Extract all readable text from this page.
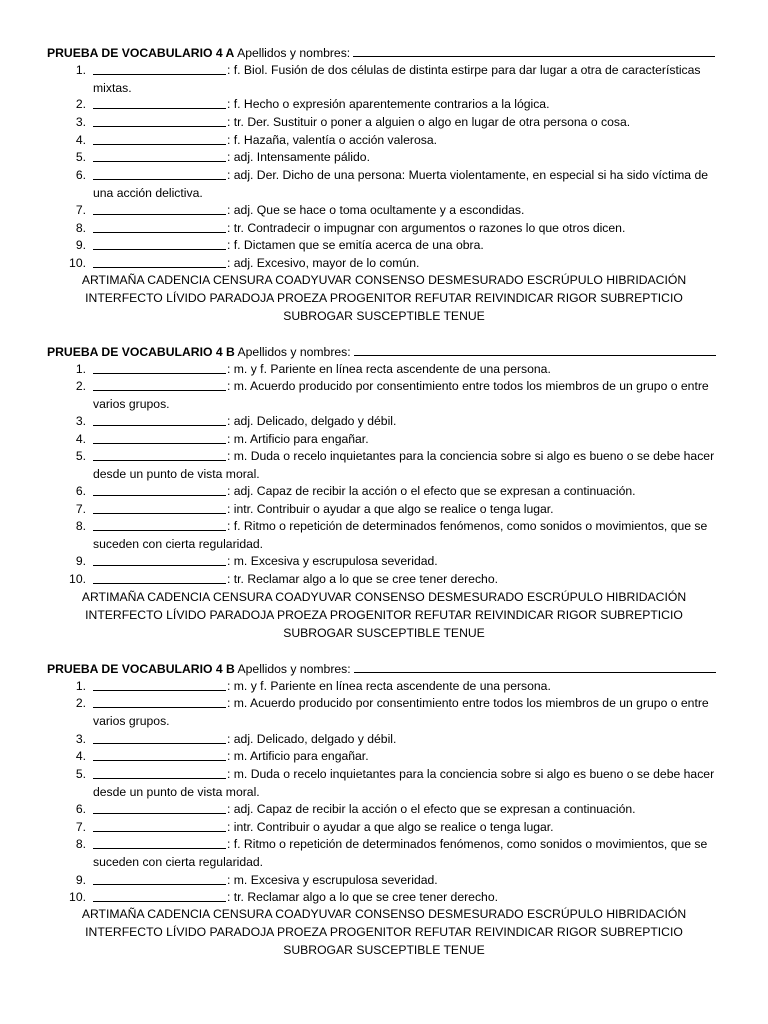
PRUEBA DE VOCABULARIO 4 A Apellidos y nombres:
1.	: f. Biol. Fusión de dos células de distinta estirpe para dar lugar a otra de características mixtas.
2.	: f. Hecho o expresión aparentemente contrarios a la lógica.
3.	: tr. Der. Sustituir o poner a alguien o algo en lugar de otra persona o cosa.
4.	: f. Hazaña, valentía o acción valerosa.
5.	: adj. Intensamente pálido.
6.	: adj. Der. Dicho de una persona: Muerta violentamente, en especial si ha sido víctima de una acción delictiva.
7.	: adj. Que se hace o toma ocultamente y a escondidas.
8.	: tr. Contradecir o impugnar con argumentos o razones lo que otros dicen.
9.	: f. Dictamen que se emitía acerca de una obra.
10.	: adj. Excesivo, mayor de lo común.
ARTIMAÑA CADENCIA CENSURA COADYUVAR CONSENSO DESMESURADO ESCRÚPULO HIBRIDACIÓN
INTERFECTO LÍVIDO PARADOJA PROEZA PROGENITOR REFUTAR REIVINDICAR RIGOR SUBREPTICIO
SUBROGAR SUSCEPTIBLE TENUE
PRUEBA DE VOCABULARIO 4 B Apellidos y nombres:
1.	: m. y f. Pariente en línea recta ascendente de una persona.
2.	: m. Acuerdo producido por consentimiento entre todos los miembros de un grupo o entre varios grupos.
3.	: adj. Delicado, delgado y débil.
4.	: m. Artificio para engañar.
5.	: m. Duda o recelo inquietantes para la conciencia sobre si algo es bueno o se debe hacer desde un punto de vista moral.
6.	: adj. Capaz de recibir la acción o el efecto que se expresan a continuación.
7.	: intr. Contribuir o ayudar a que algo se realice o tenga lugar.
8.	: f. Ritmo o repetición de determinados fenómenos, como sonidos o movimientos, que se suceden con cierta regularidad.
9.	: m. Excesiva y escrupulosa severidad.
10.	: tr. Reclamar algo a lo que se cree tener derecho.
ARTIMAÑA CADENCIA CENSURA COADYUVAR CONSENSO DESMESURADO ESCRÚPULO HIBRIDACIÓN
INTERFECTO LÍVIDO PARADOJA PROEZA PROGENITOR REFUTAR REIVINDICAR RIGOR SUBREPTICIO
SUBROGAR SUSCEPTIBLE TENUE
PRUEBA DE VOCABULARIO 4 B Apellidos y nombres:
1.	: m. y f. Pariente en línea recta ascendente de una persona.
2.	: m. Acuerdo producido por consentimiento entre todos los miembros de un grupo o entre varios grupos.
3.	: adj. Delicado, delgado y débil.
4.	: m. Artificio para engañar.
5.	: m. Duda o recelo inquietantes para la conciencia sobre si algo es bueno o se debe hacer desde un punto de vista moral.
6.	: adj. Capaz de recibir la acción o el efecto que se expresan a continuación.
7.	: intr. Contribuir o ayudar a que algo se realice o tenga lugar.
8.	: f. Ritmo o repetición de determinados fenómenos, como sonidos o movimientos, que se suceden con cierta regularidad.
9.	: m. Excesiva y escrupulosa severidad.
10.	: tr. Reclamar algo a lo que se cree tener derecho.
ARTIMAÑA CADENCIA CENSURA COADYUVAR CONSENSO DESMESURADO ESCRÚPULO HIBRIDACIÓN
INTERFECTO LÍVIDO PARADOJA PROEZA PROGENITOR REFUTAR REIVINDICAR RIGOR SUBREPTICIO
SUBROGAR SUSCEPTIBLE TENUE
